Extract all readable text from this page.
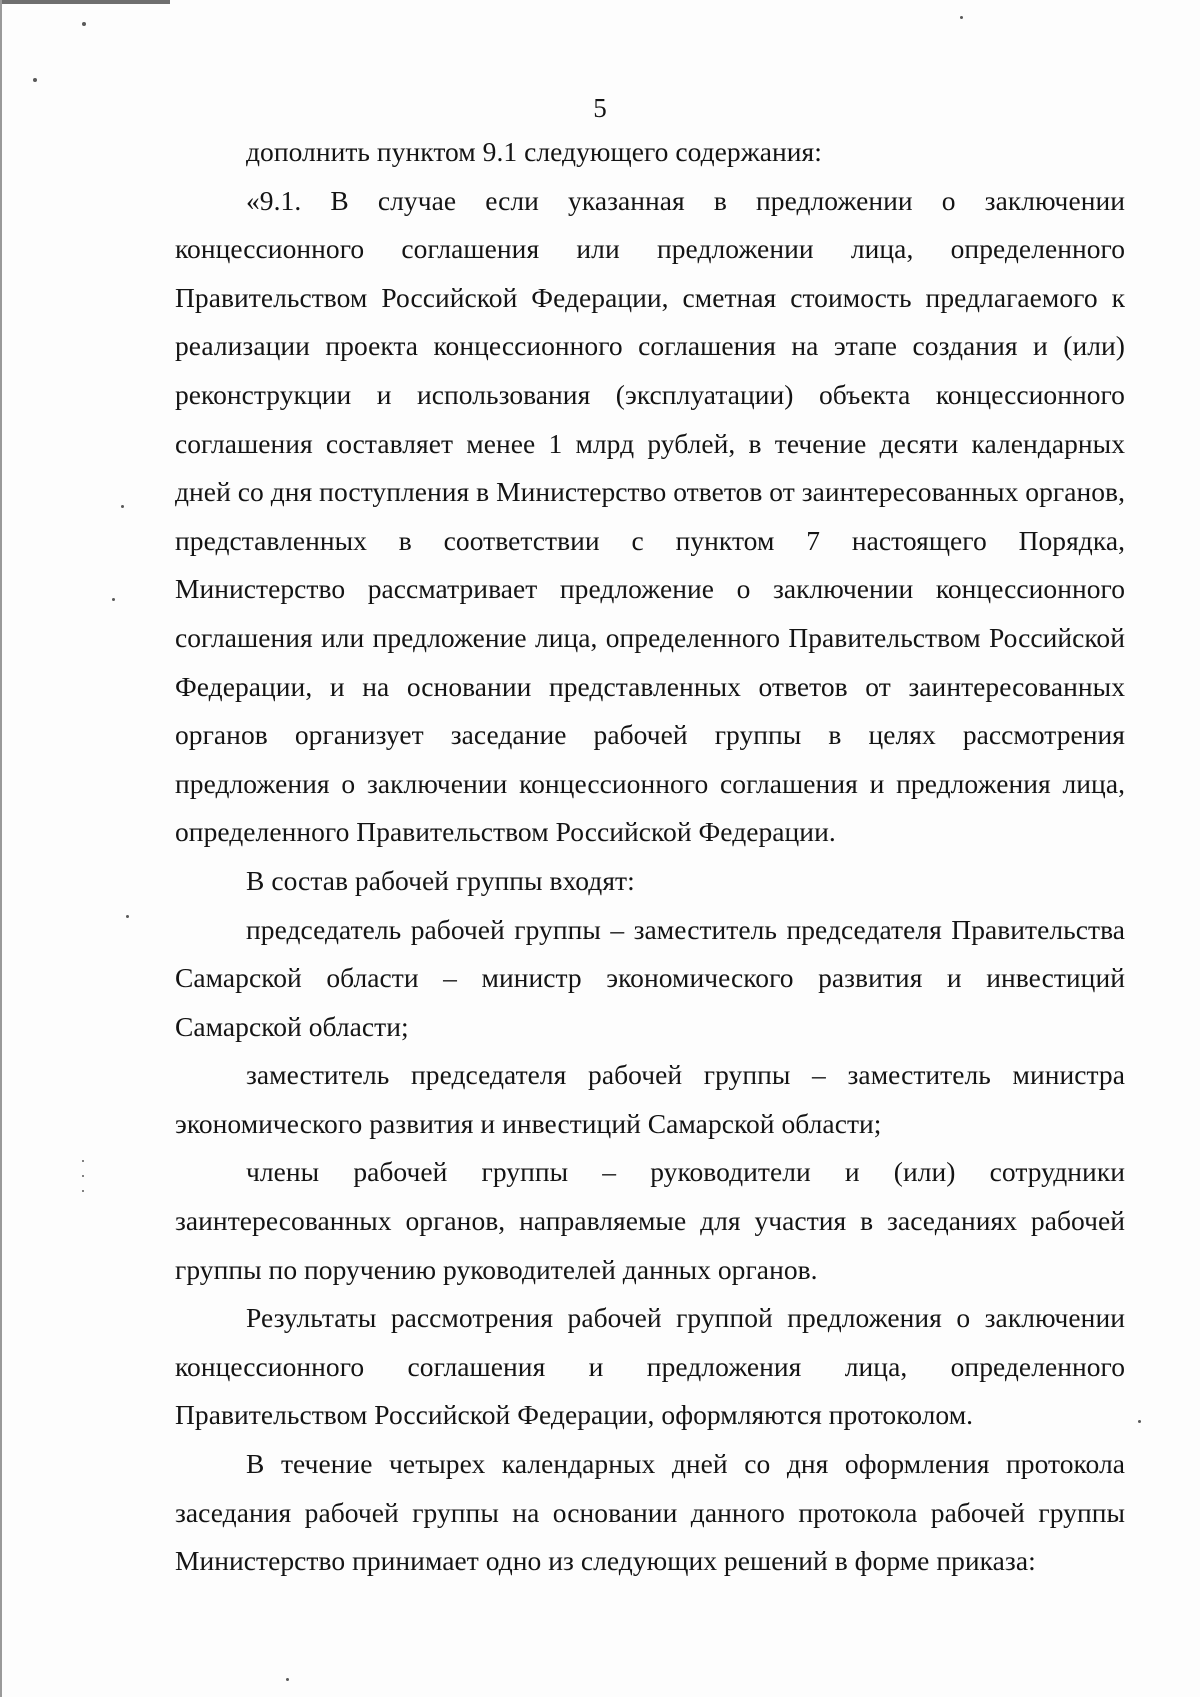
5

дополнить пунктом 9.1 следующего содержания:

«9.1. В случае если указанная в предложении о заключении концессионного соглашения или предложении лица, определенного Правительством Российской Федерации, сметная стоимость предлагаемого к реализации проекта концессионного соглашения на этапе создания и (или) реконструкции и использования (эксплуатации) объекта концессионного соглашения составляет менее 1 млрд рублей, в течение десяти календарных дней со дня поступления в Министерство ответов от заинтересованных органов, представленных в соответствии с пунктом 7 настоящего Порядка, Министерство рассматривает предложение о заключении концессионного соглашения или предложение лица, определенного Правительством Российской Федерации, и на основании представленных ответов от заинтересованных органов организует заседание рабочей группы в целях рассмотрения предложения о заключении концессионного соглашения и предложения лица, определенного Правительством Российской Федерации.

В состав рабочей группы входят:

председатель рабочей группы – заместитель председателя Правительства Самарской области – министр экономического развития и инвестиций Самарской области;

заместитель председателя рабочей группы – заместитель министра экономического развития и инвестиций Самарской области;

члены рабочей группы – руководители и (или) сотрудники заинтересованных органов, направляемые для участия в заседаниях рабочей группы по поручению руководителей данных органов.

Результаты рассмотрения рабочей группой предложения о заключении концессионного соглашения и предложения лица, определенного Правительством Российской Федерации, оформляются протоколом.

В течение четырех календарных дней со дня оформления протокола заседания рабочей группы на основании данного протокола рабочей группы Министерство принимает одно из следующих решений в форме приказа:
